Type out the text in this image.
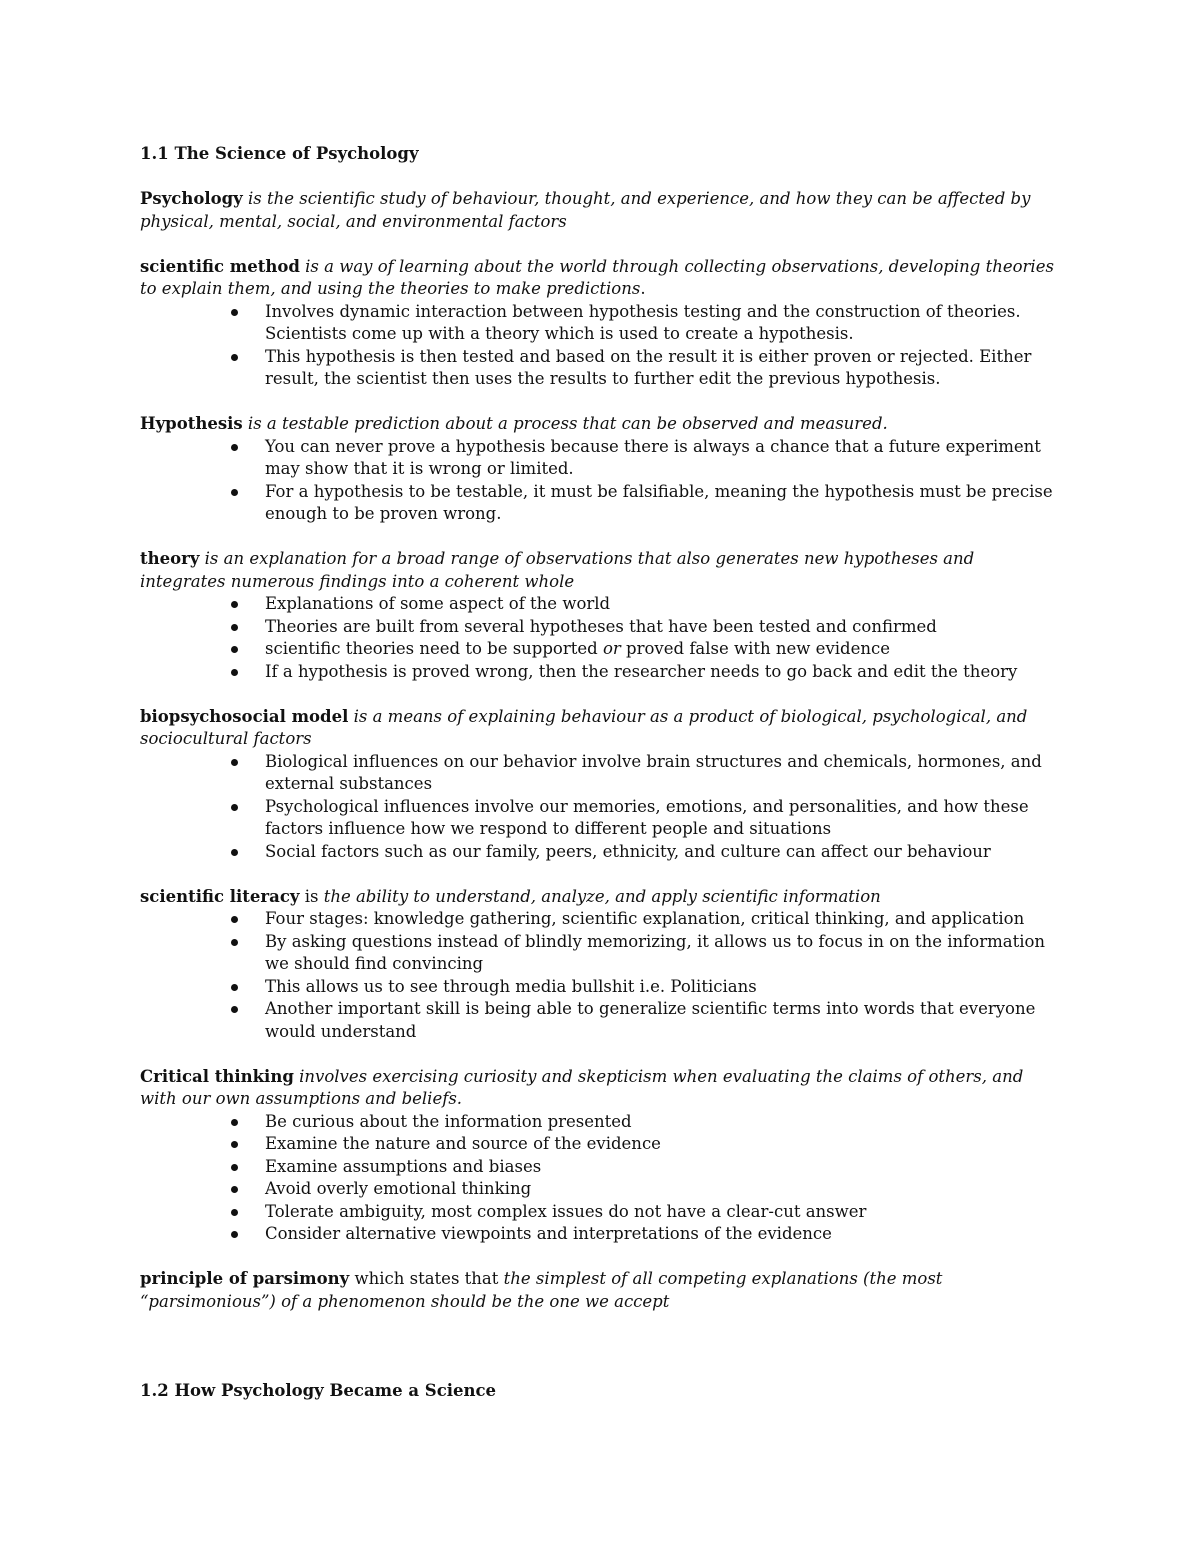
1.1 The Science of Psychology

Psychology is the scientific study of behaviour, thought, and experience, and how they can be affected by physical, mental, social, and environmental factors

scientific method is a way of learning about the world through collecting observations, developing theories to explain them, and using the theories to make predictions.

Involves dynamic interaction between hypothesis testing and the construction of theories. Scientists come up with a theory which is used to create a hypothesis.
This hypothesis is then tested and based on the result it is either proven or rejected. Either result, the scientist then uses the results to further edit the previous hypothesis.

Hypothesis is a testable prediction about a process that can be observed and measured.

You can never prove a hypothesis because there is always a chance that a future experiment may show that it is wrong or limited.
For a hypothesis to be testable, it must be falsifiable, meaning the hypothesis must be precise enough to be proven wrong.

theory is an explanation for a broad range of observations that also generates new hypotheses and integrates numerous findings into a coherent whole

Explanations of some aspect of the world
Theories are built from several hypotheses that have been tested and confirmed
scientific theories need to be supported or proved false with new evidence
If a hypothesis is proved wrong, then the researcher needs to go back and edit the theory

biopsychosocial model is a means of explaining behaviour as a product of biological, psychological, and sociocultural factors

Biological influences on our behavior involve brain structures and chemicals, hormones, and external substances
Psychological influences involve our memories, emotions, and personalities, and how these factors influence how we respond to different people and situations
Social factors such as our family, peers, ethnicity, and culture can affect our behaviour

scientific literacy is the ability to understand, analyze, and apply scientific information

Four stages: knowledge gathering, scientific explanation, critical thinking, and application
By asking questions instead of blindly memorizing, it allows us to focus in on the information we should find convincing
This allows us to see through media bullshit i.e. Politicians
Another important skill is being able to generalize scientific terms into words that everyone would understand

Critical thinking involves exercising curiosity and skepticism when evaluating the claims of others, and with our own assumptions and beliefs.

Be curious about the information presented
Examine the nature and source of the evidence
Examine assumptions and biases
Avoid overly emotional thinking
Tolerate ambiguity, most complex issues do not have a clear-cut answer
Consider alternative viewpoints and interpretations of the evidence

principle of parsimony which states that the simplest of all competing explanations (the most “parsimonious”) of a phenomenon should be the one we accept

1.2 How Psychology Became a Science
